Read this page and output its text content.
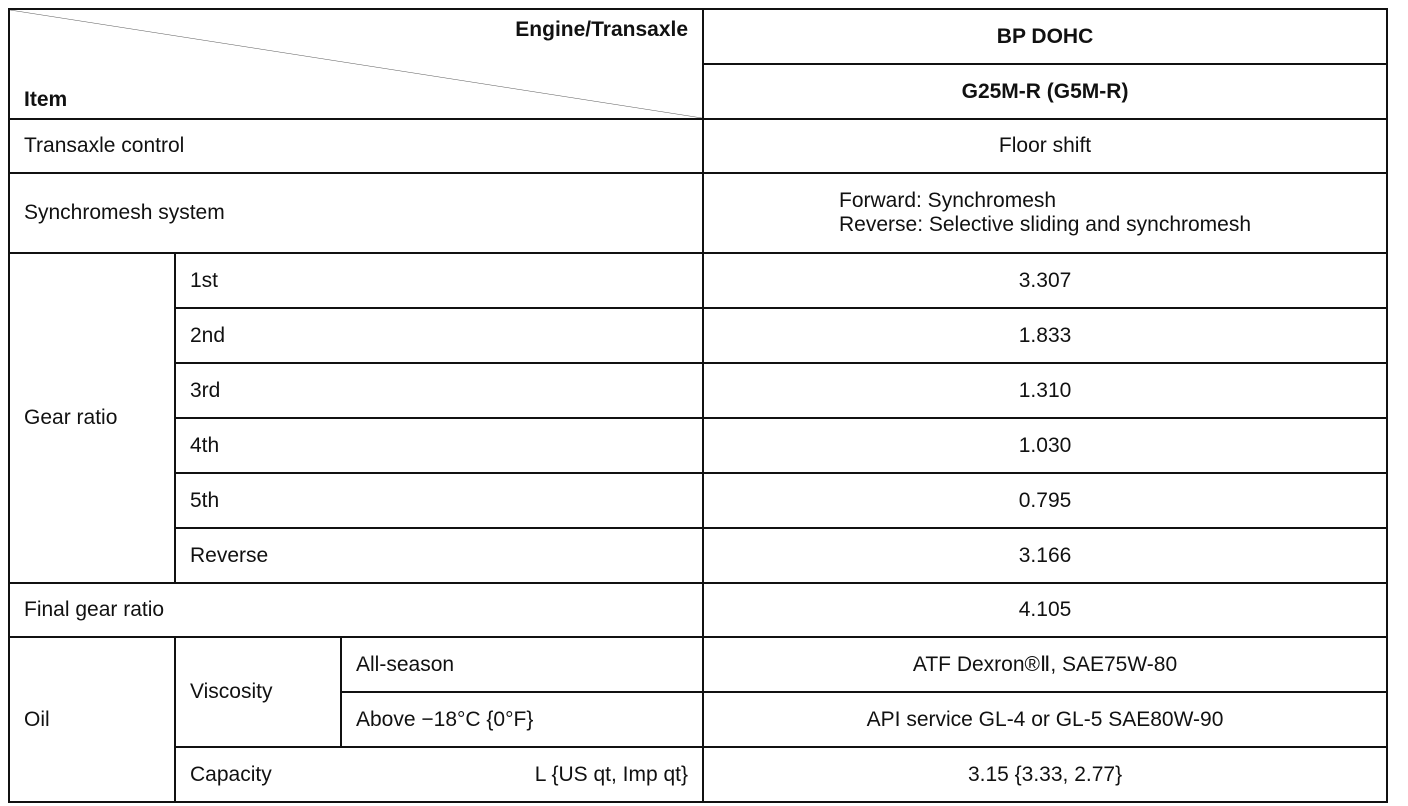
Engine/Transaxle
Item			BP DOHC
			G25M-R (G5M-R)
Transaxle control			Floor shift
Synchromesh system			Forward: Synchromesh
Reverse: Selective sliding and synchromesh
Gear ratio	1st		3.307
	2nd		1.833
	3rd		1.310
	4th		1.030
	5th		0.795
	Reverse		3.166
Final gear ratio			4.105
Oil	Viscosity	All-season	ATF Dexron®Ⅱ, SAE75W-80
		Above −18°C {0°F}	API service GL-4 or GL-5 SAE80W-90
	Capacity L {US qt, Imp qt}		3.15 {3.33, 2.77}
